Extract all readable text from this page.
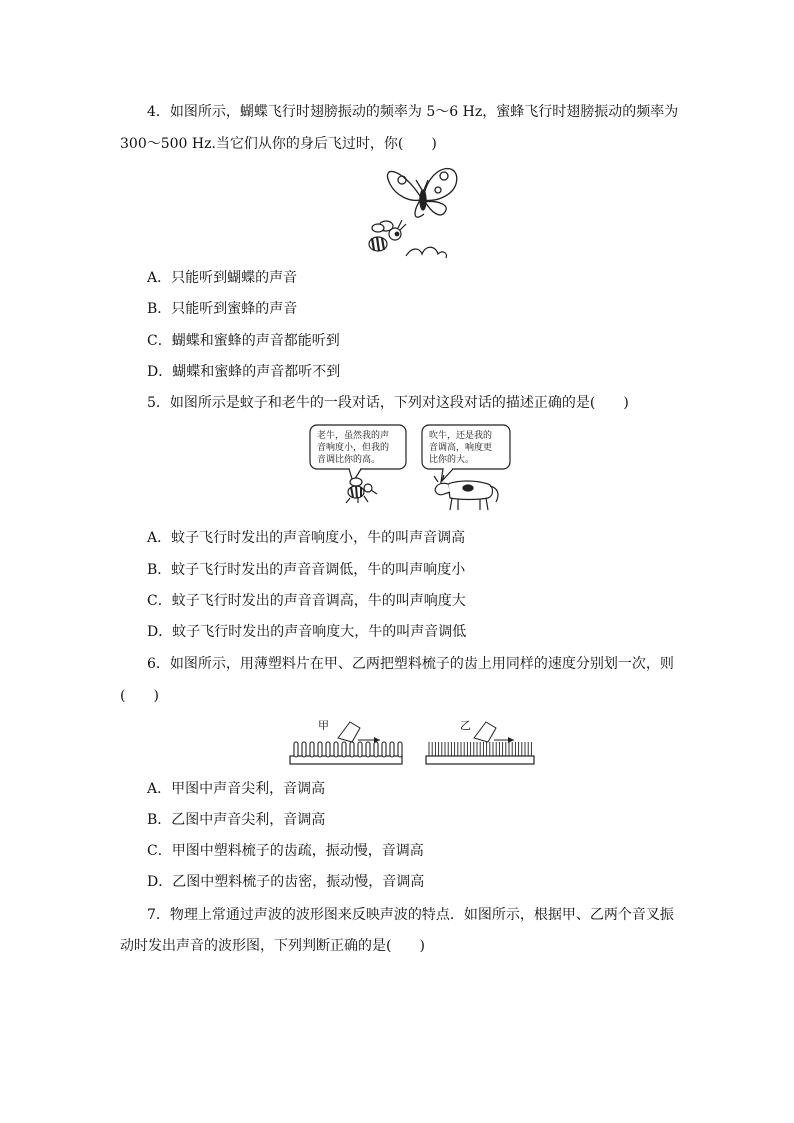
4．如图所示，蝴蝶飞行时翅膀振动的频率为 5～6 Hz，蜜蜂飞行时翅膀振动的频率为
300～500 Hz.当它们从你的身后飞过时，你(　　)
A．只能听到蝴蝶的声音
B．只能听到蜜蜂的声音
C．蝴蝶和蜜蜂的声音都能听到
D．蝴蝶和蜜蜂的声音都听不到
5．如图所示是蚊子和老牛的一段对话，下列对这段对话的描述正确的是(　　)
老牛，虽然我的声
音响度小，但我的
音调比你的高。
吹牛，还是我的
音调高，响度更
比你的大。
A．蚊子飞行时发出的声音响度小，牛的叫声音调高
B．蚊子飞行时发出的声音音调低，牛的叫声响度小
C．蚊子飞行时发出的声音音调高，牛的叫声响度大
D．蚊子飞行时发出的声音响度大，牛的叫声音调低
6．如图所示，用薄塑料片在甲、乙两把塑料梳子的齿上用同样的速度分别划一次，则
(　　)
甲	乙
A．甲图中声音尖利，音调高
B．乙图中声音尖利，音调高
C．甲图中塑料梳子的齿疏，振动慢，音调高
D．乙图中塑料梳子的齿密，振动慢，音调高
7．物理上常通过声波的波形图来反映声波的特点．如图所示，根据甲、乙两个音叉振
动时发出声音的波形图，下列判断正确的是(　　)
